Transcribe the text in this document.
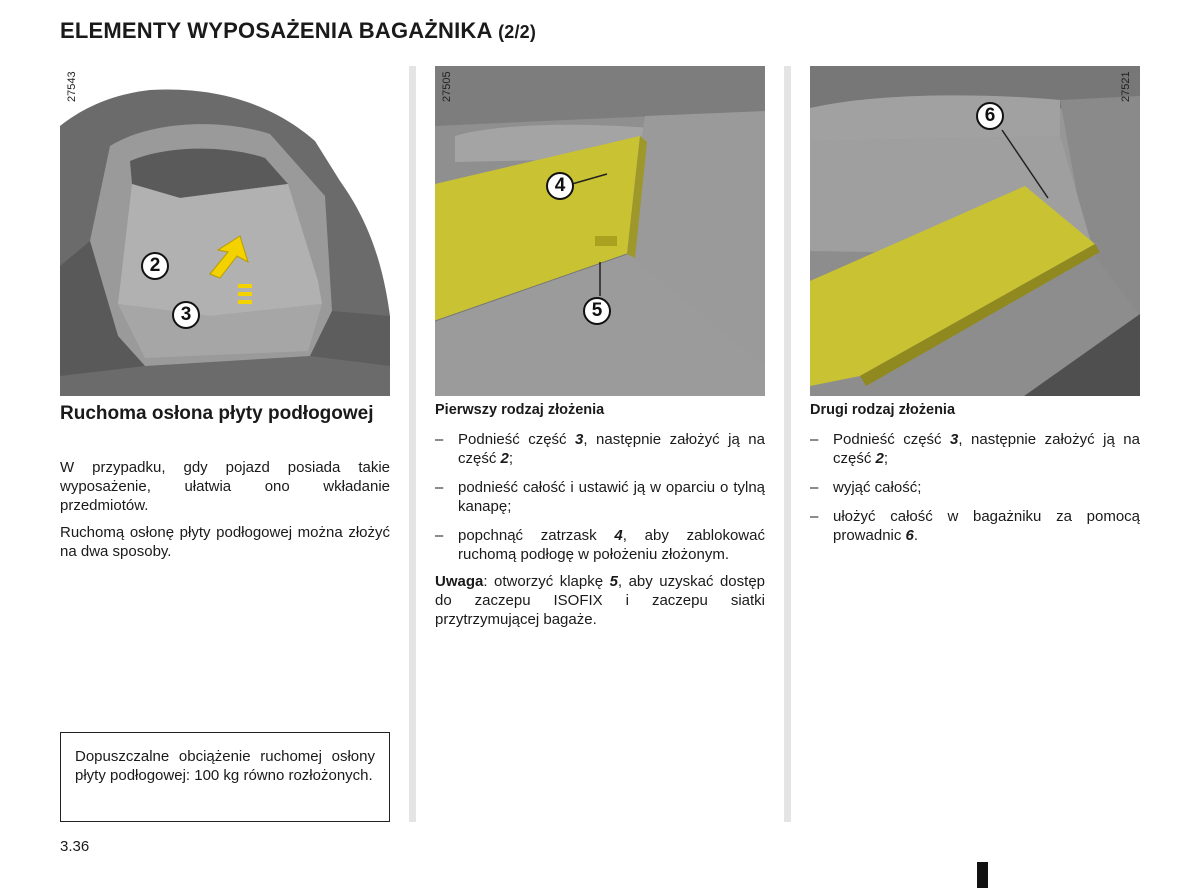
ELEMENTY WYPOSAŻENIA BAGAŻNIKA (2/2)
27543
2
3
27505
4
5
27521
6
Ruchoma osłona płyty podłogowej

W przypadku, gdy pojazd posiada takie wyposażenie, ułatwia ono wkładanie przedmiotów.

Ruchomą osłonę płyty podłogowej można złożyć na dwa sposoby.

Dopuszczalne obciążenie ruchomej osłony płyty podłogowej: 100 kg równo rozłożonych.

Pierwszy rodzaj złożenia
– Podnieść część 3, następnie założyć ją na część 2;
– podnieść całość i ustawić ją w oparciu o tylną kanapę;
– popchnąć zatrzask 4, aby zablokować ruchomą podłogę w położeniu złożonym.

Uwaga: otworzyć klapkę 5, aby uzyskać dostęp do zaczepu ISOFIX i zaczepu siatki przytrzymującej bagaże.

Drugi rodzaj złożenia
– Podnieść część 3, następnie założyć ją na część 2;
– wyjąć całość;
– ułożyć całość w bagażniku za pomocą prowadnic 6.
3.36
